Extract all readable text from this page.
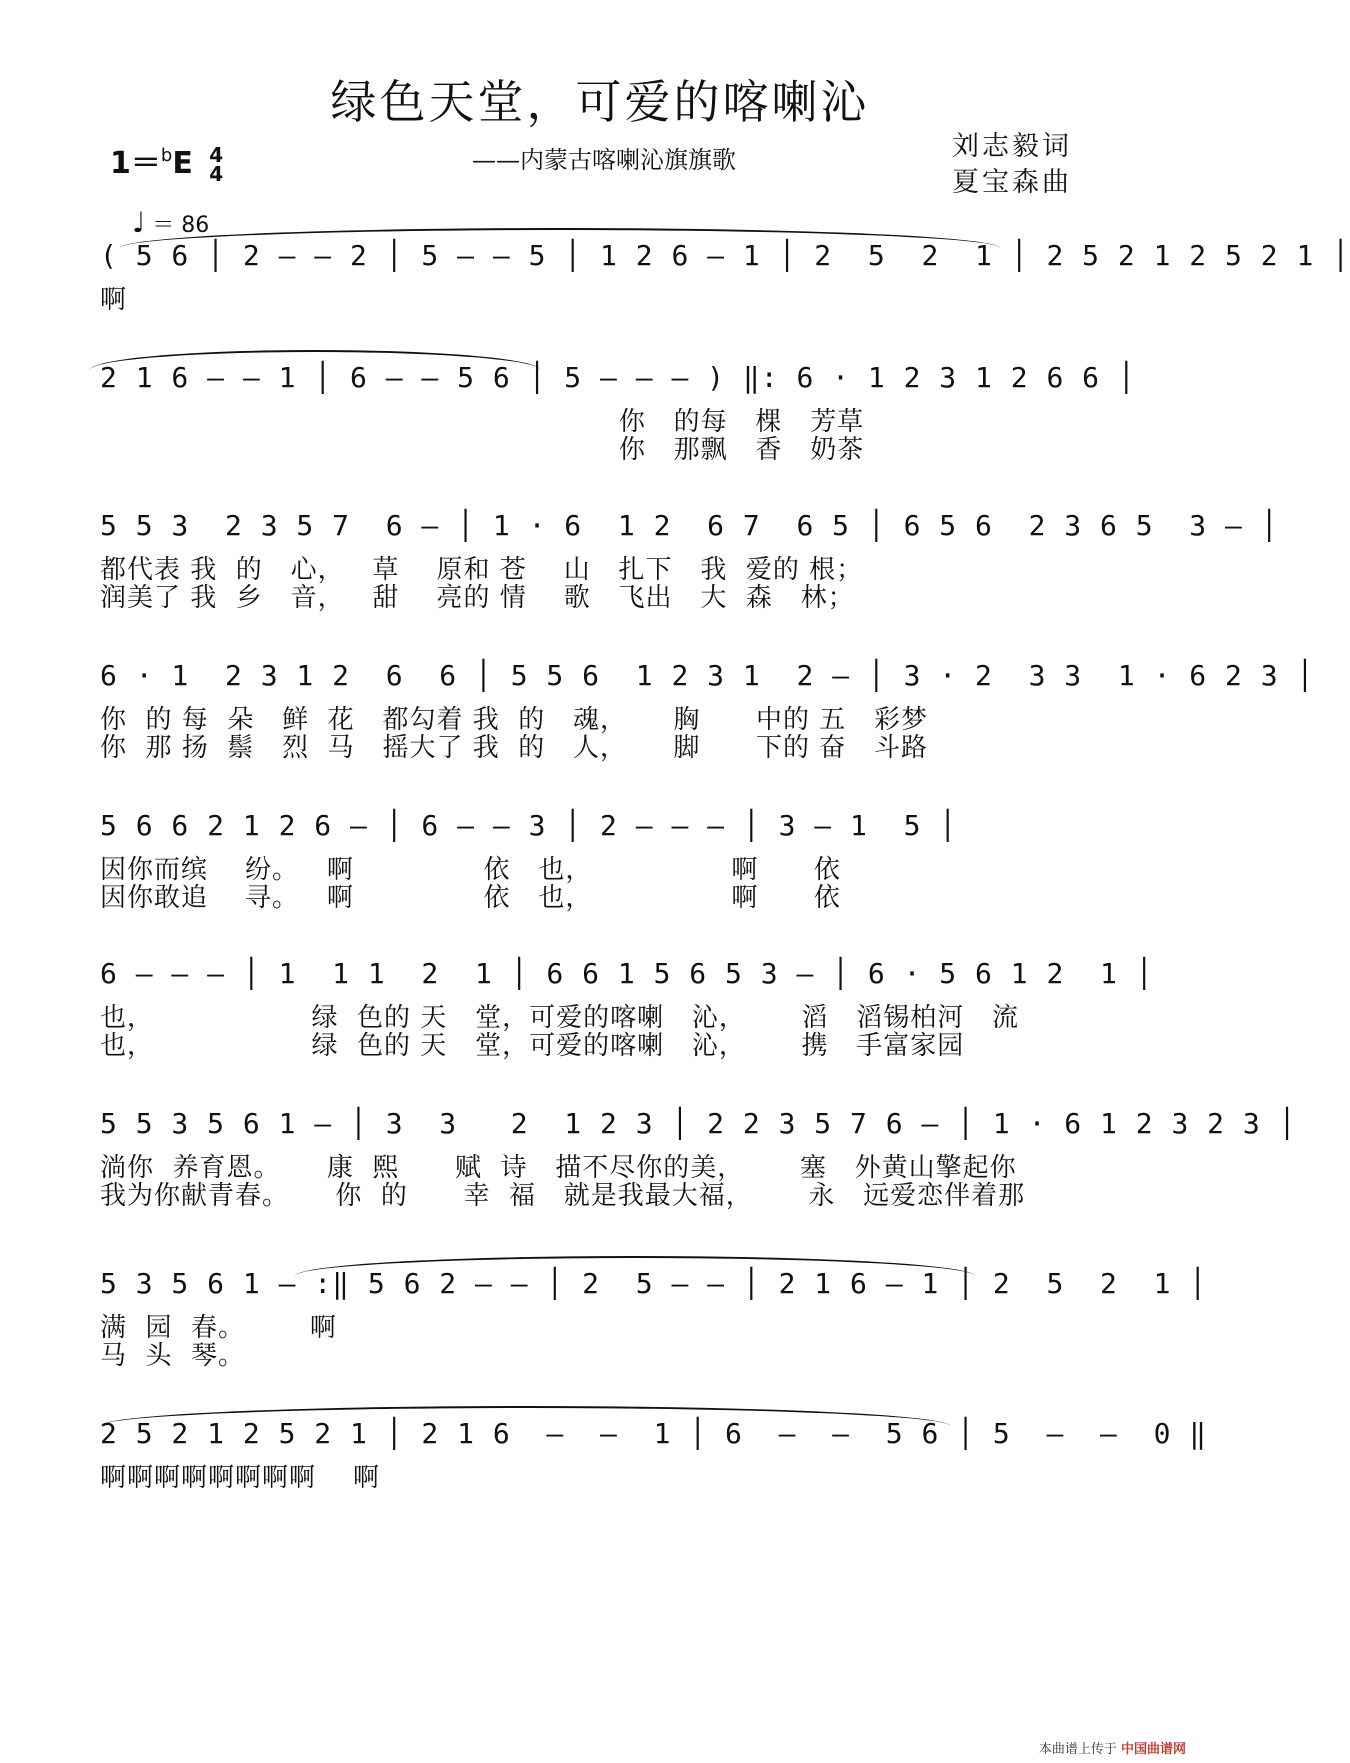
绿色天堂，可爱的喀喇沁
1＝$^b$E 4
4	——内蒙古喀喇沁旗旗歌	刘志毅词
夏宝森曲
♩ ＝ 86
( 5 6 │ 2 — — 2 │ 5 — — 5 │ 1 2 6 — 1 │ 2  5  2  1 │ 2 5 2 1 2 5 2 1 │
啊
2 1 6 — — 1 │ 6 — — 5 6 │ 5 — — — ) ‖: 6 · 1 2 3 1 2 6 6 │
你   的每   棵   芳草
你   那飘   香   奶茶
5 5 3  2 3 5 7  6 — │ 1 · 6  1 2  6 7  6 5 │ 6 5 6  2 3 6 5  3 — │
都代表 我  的   心，   草    原和 苍    山   扎下   我  爱的 根；
润美了 我  乡   音，   甜    亮的 情    歌   飞出   大  森   林；
6 · 1  2 3 1 2  6  6 │ 5 5 6  1 2 3 1  2 — │ 3 · 2  3 3  1 · 6 2 3 │
你  的 每  朵   鲜  花   都勾着 我  的   魂，     胸      中的 五   彩梦
你  那 扬  鬃   烈  马   摇大了 我  的   人，     脚      下的 奋   斗路
5 6 6 2 1 2 6 — │ 6 — — 3 │ 2 — — — │ 3 — 1  5 │
因你而缤    纷。   啊              依   也，               啊      依
因你敢追    寻。   啊              依   也，               啊      依
6 — — — │ 1  1 1  2  1 │ 6 6 1 5 6 5 3 — │ 6 · 5 6 1 2  1 │
也，                 绿  色的 天   堂，可爱的喀喇   沁，      滔   滔锡柏河   流
也，                 绿  色的 天   堂，可爱的喀喇   沁，      携   手富家园
5 5 3 5 6 1 — │ 3  3   2  1 2 3 │ 2 2 3 5 7 6 — │ 1 · 6 1 2 3 2 3 │
淌你  养育恩。     康  熙      赋  诗   描不尽你的美，      塞   外黄山擎起你
我为你献青春。     你  的      幸  福   就是我最大福，      永   远爱恋伴着那
5 3 5 6 1 — :‖ 5 6 2 — — │ 2  5 — — │ 2 1 6 — 1 │ 2  5  2  1 │
满  园  春。       啊
马  头  琴。
2 5 2 1 2 5 2 1 │ 2 1 6  —  —  1 │ 6  —  —  5 6 │ 5  —  —  0 ‖
啊啊啊啊啊啊啊啊    啊
本曲谱上传于 中国曲谱网
